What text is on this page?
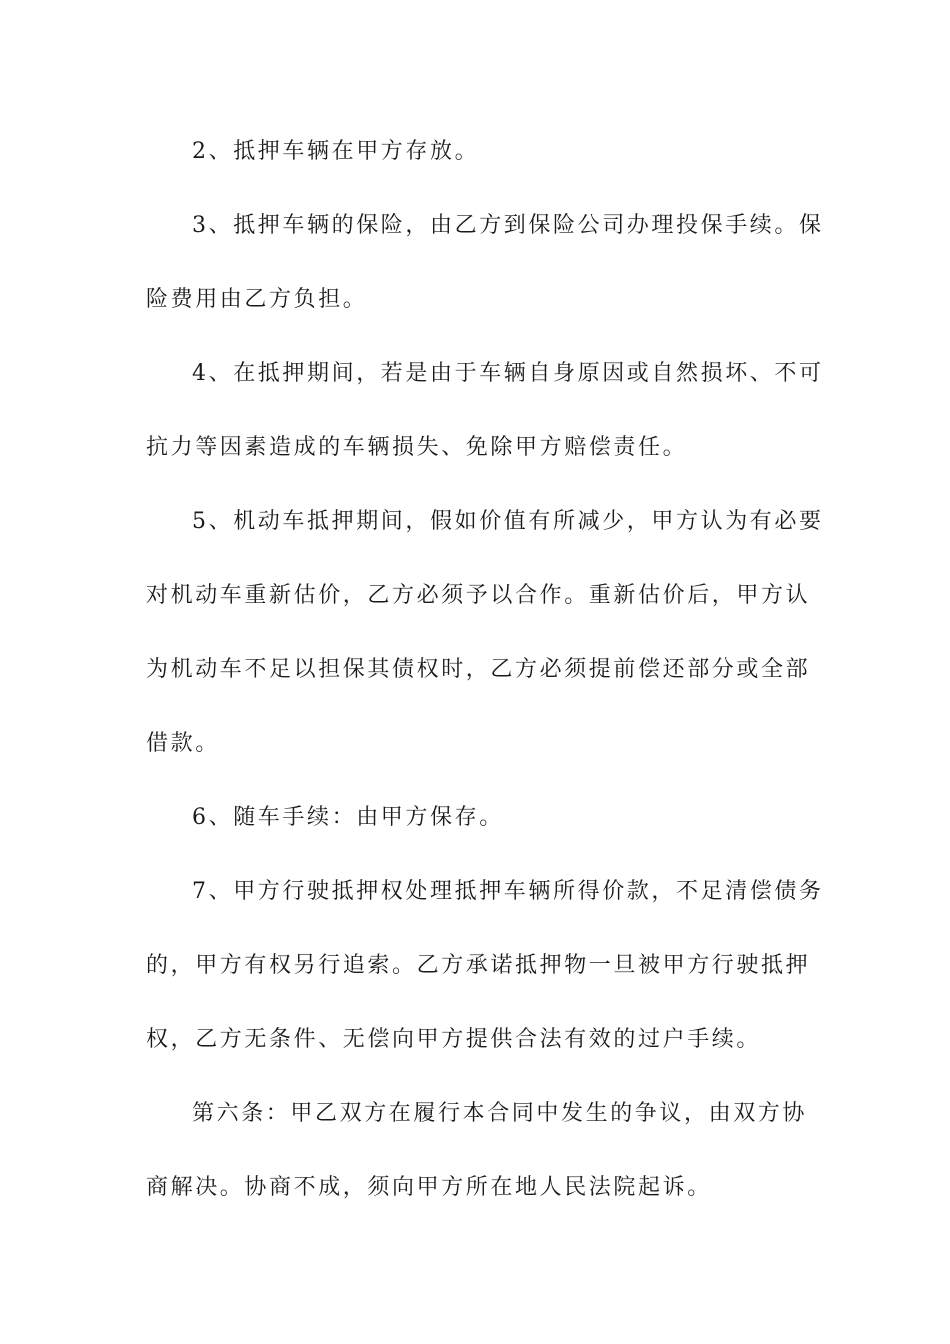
2、抵押车辆在甲方存放。
3、抵押车辆的保险，由乙方到保险公司办理投保手续。保
险费用由乙方负担。
4、在抵押期间，若是由于车辆自身原因或自然损坏、不可
抗力等因素造成的车辆损失、免除甲方赔偿责任。
5、机动车抵押期间，假如价值有所减少，甲方认为有必要
对机动车重新估价，乙方必须予以合作。重新估价后，甲方认
为机动车不足以担保其债权时，乙方必须提前偿还部分或全部
借款。
6、随车手续：由甲方保存。
7、甲方行驶抵押权处理抵押车辆所得价款，不足清偿债务
的，甲方有权另行追索。乙方承诺抵押物一旦被甲方行驶抵押
权，乙方无条件、无偿向甲方提供合法有效的过户手续。
第六条：甲乙双方在履行本合同中发生的争议，由双方协
商解决。协商不成，须向甲方所在地人民法院起诉。
